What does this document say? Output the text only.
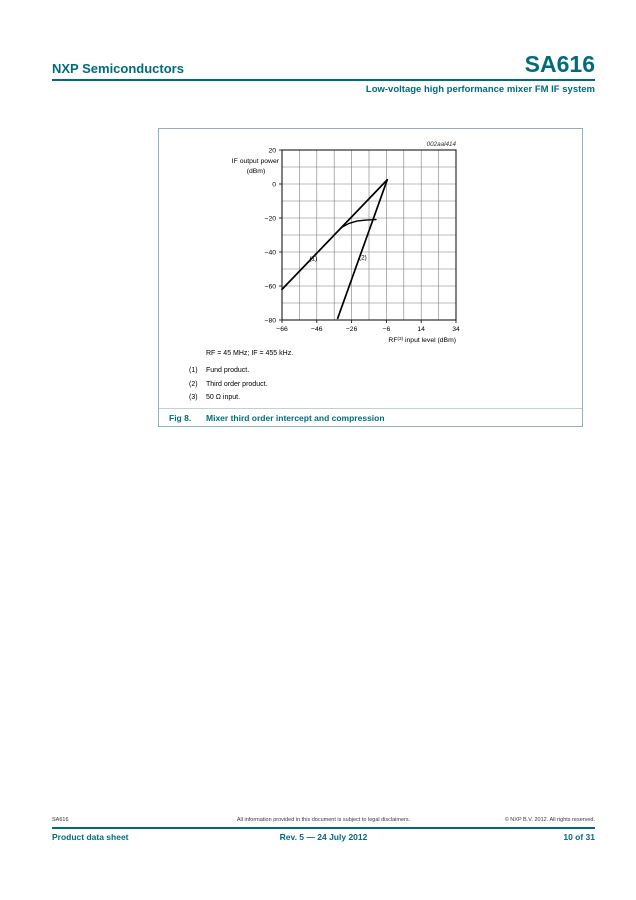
NXP Semiconductors	SA616
Low-voltage high performance mixer FM IF system
−66	−46	−26	−6	14	34
20
0
−20
−40
−60
−80
(1)	(2)
002aal414
IF output power
(dBm)
RF$^{(3)}$ input level (dBm)
RF = 45 MHz; IF = 455 kHz.
(1) Fund product.
(2) Third order product.
(3) 50 Ω input.
Fig 8. Mixer third order intercept and compression
SA616	All information provided in this document is subject to legal disclaimers.	© NXP B.V. 2012. All rights reserved.
Product data sheet	Rev. 5 — 24 July 2012	10 of 31
